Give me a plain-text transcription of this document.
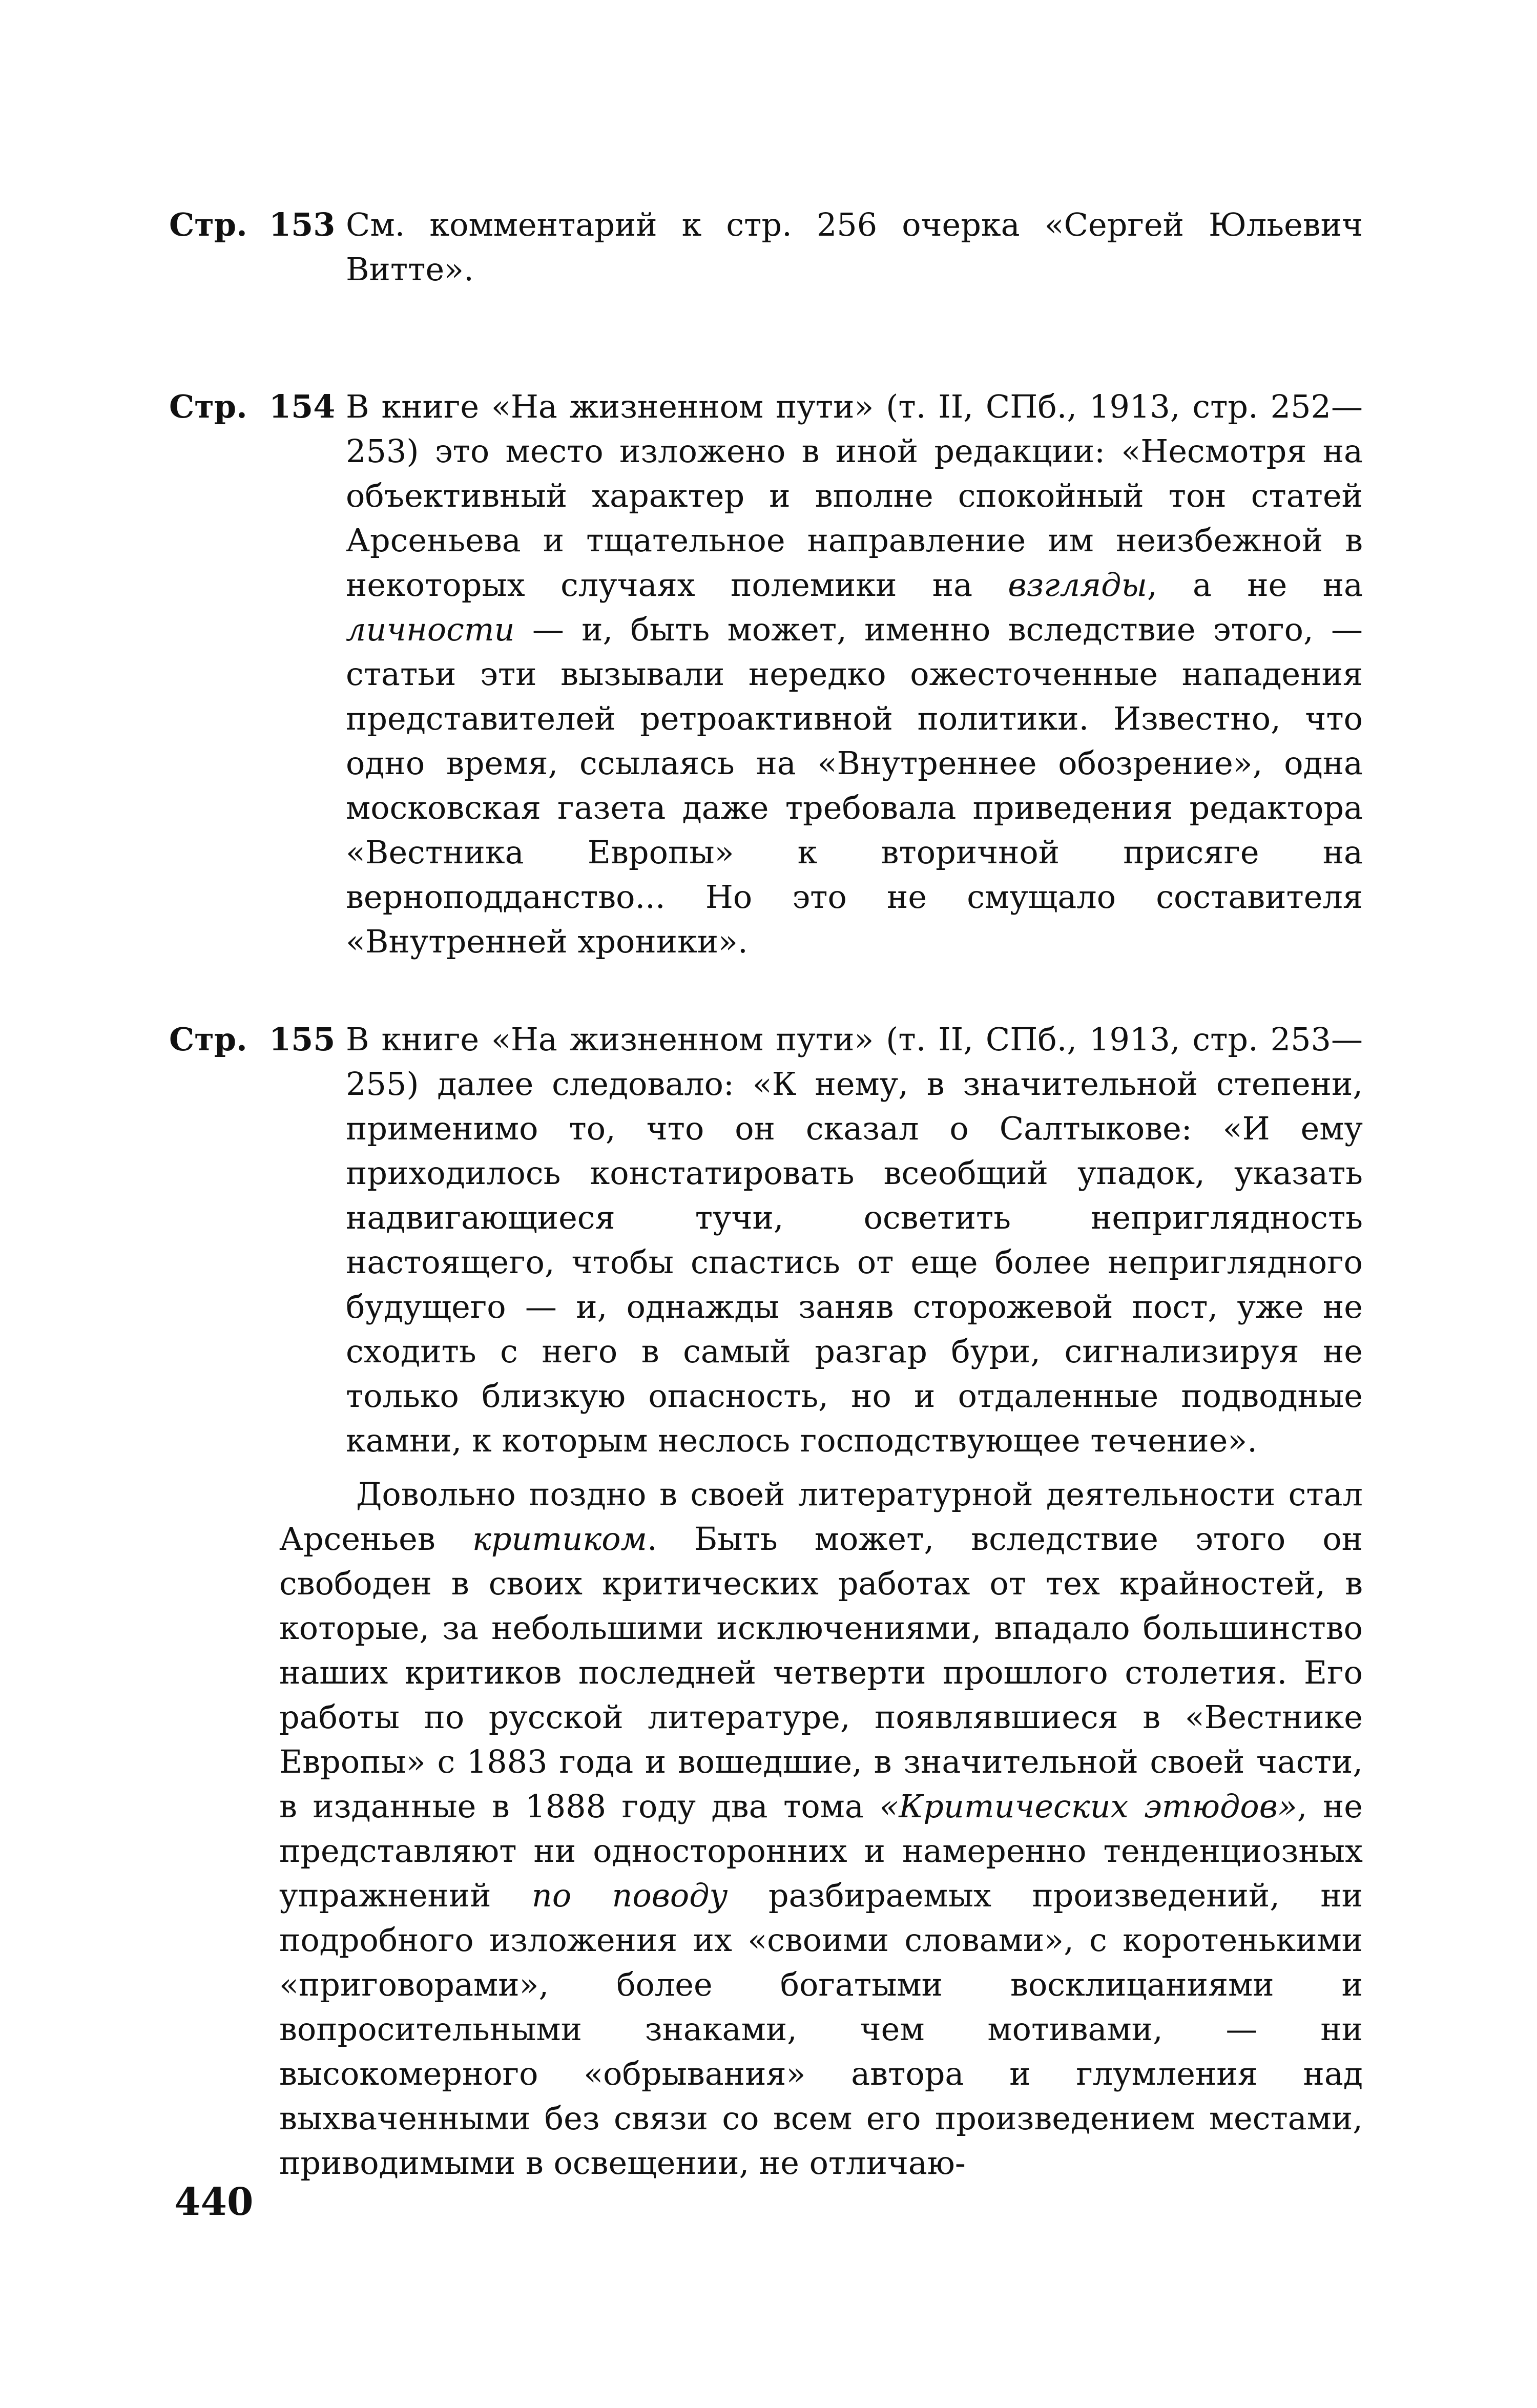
Стр. 153 См. комментарий к стр. 256 очерка «Сергей Юльевич Витте».
Стр. 154 В книге «На жизненном пути» (т. II, СПб., 1913, стр. 252—253) это место изложено в иной редакции: «Несмотря на объективный характер и вполне спокойный тон статей Арсеньева и тщательное направление им неизбежной в некоторых случаях полемики на взгляды, а не на личности — и, быть может, именно вследствие этого, — статьи эти вызывали нередко ожесточенные нападения представителей ретроактивной политики. Известно, что одно время, ссылаясь на «Внутреннее обозрение», одна московская газета даже требовала приведения редактора «Вестника Европы» к вторичной присяге на верноподданство... Но это не смущало составителя «Внутренней хроники».
Стр. 155 В книге «На жизненном пути» (т. II, СПб., 1913, стр. 253—255) далее следовало: «К нему, в значительной степени, применимо то, что он сказал о Салтыкове: «И ему приходилось констатировать всеобщий упадок, указать надвигающиеся тучи, осветить неприглядность настоящего, чтобы спастись от еще более неприглядного будущего — и, однажды заняв сторожевой пост, уже не сходить с него в самый разгар бури, сигнализируя не только близкую опасность, но и отдаленные подводные камни, к которым неслось господствующее течение».

Довольно поздно в своей литературной деятельности стал Арсеньев критиком. Быть может, вследствие этого он свободен в своих критических работах от тех крайностей, в которые, за небольшими исключениями, впадало большинство наших критиков последней четверти прошлого столетия. Его работы по русской литературе, появлявшиеся в «Вестнике Европы» с 1883 года и вошедшие, в значительной своей части, в изданные в 1888 году два тома «Критических этюдов», не представляют ни односторонних и намеренно тенденциозных упражнений по поводу разбираемых произведений, ни подробного изложения их «своими словами», с коротенькими «приговорами», более богатыми восклицаниями и вопросительными знаками, чем мотивами, — ни высокомерного «обрывания» автора и глумления над выхваченными без связи со всем его произведением местами, приводимыми в освещении, не отличаю-

440
